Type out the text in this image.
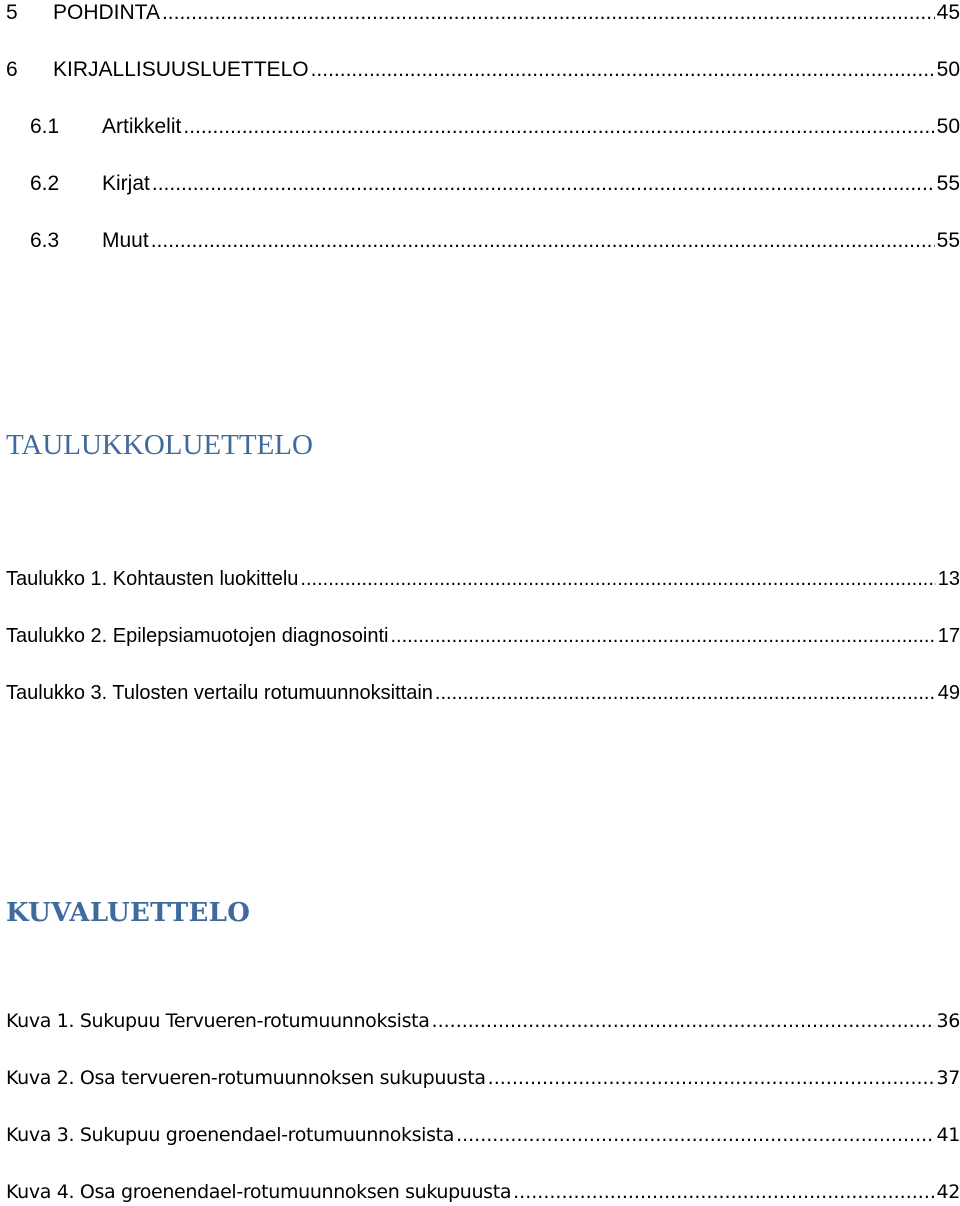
5	POHDINTA .....	45
6	KIRJALLISUUSLUETTELO .....	50
6.1	Artikkelit .....	50
6.2	Kirjat .....	55
6.3	Muut .....	55
TAULUKKOLUETTELO
Taulukko 1. Kohtausten luokittelu .....	13
Taulukko 2. Epilepsiamuotojen diagnosointi .....	17
Taulukko 3. Tulosten vertailu rotumuunnoksittain .....	49
KUVALUETTELO
Kuva 1. Sukupuu Tervueren-rotumuunnoksista .....	36
Kuva 2. Osa tervueren-rotumuunnoksen sukupuusta .....	37
Kuva 3. Sukupuu groenendael-rotumuunnoksista .....	41
Kuva 4. Osa groenendael-rotumuunnoksen sukupuusta .....	42
